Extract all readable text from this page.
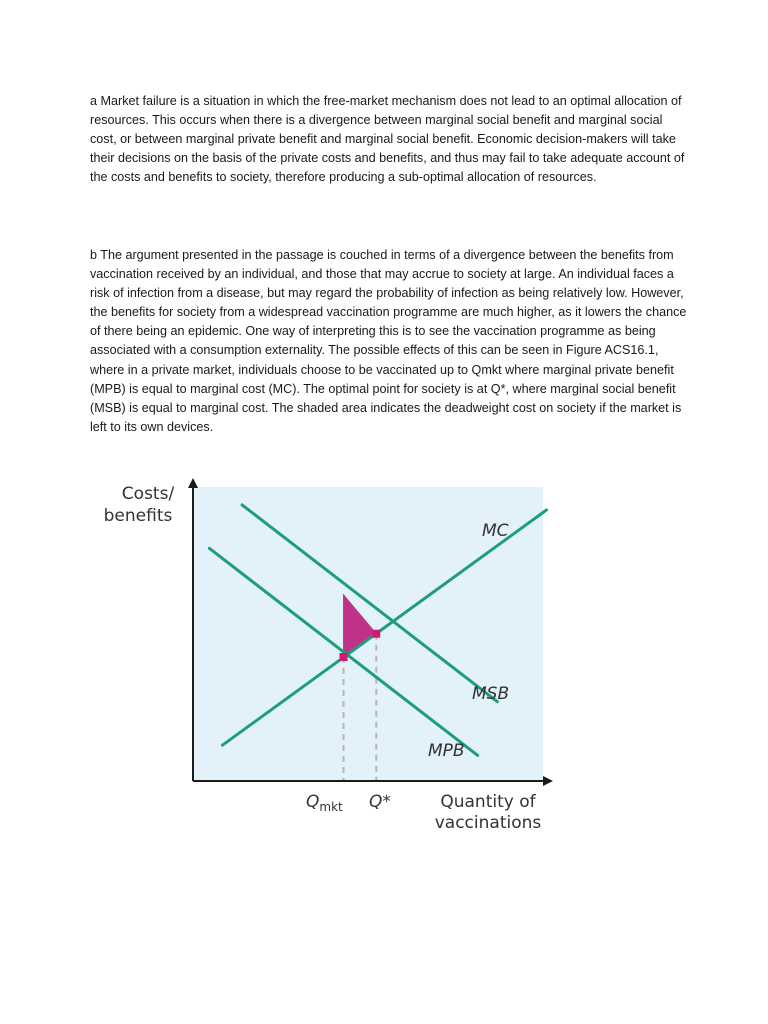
a Market failure is a situation in which the free-market mechanism does not lead to an optimal allocation of resources. This occurs when there is a divergence between marginal social benefit and marginal social cost, or between marginal private benefit and marginal social benefit. Economic decision-makers will take their decisions on the basis of the private costs and benefits, and thus may fail to take adequate account of the costs and benefits to society, therefore producing a sub-optimal allocation of resources.

b The argument presented in the passage is couched in terms of a divergence between the benefits from vaccination received by an individual, and those that may accrue to society at large. An individual faces a risk of infection from a disease, but may regard the probability of infection as being relatively low. However, the benefits for society from a widespread vaccination programme are much higher, as it lowers the chance of there being an epidemic. One way of interpreting this is to see the vaccination programme as being associated with a consumption externality. The possible effects of this can be seen in Figure ACS16.1, where in a private market, individuals choose to be vaccinated up to Qmkt where marginal private benefit (MPB) is equal to marginal cost (MC). The optimal point for society is at Q*, where marginal social benefit (MSB) is equal to marginal cost. The shaded area indicates the deadweight cost on society if the market is left to its own devices.

MC
MSB
MPB
Costs/
benefits
Quantity of
vaccinations
$Q_{mkt}$ Q*
